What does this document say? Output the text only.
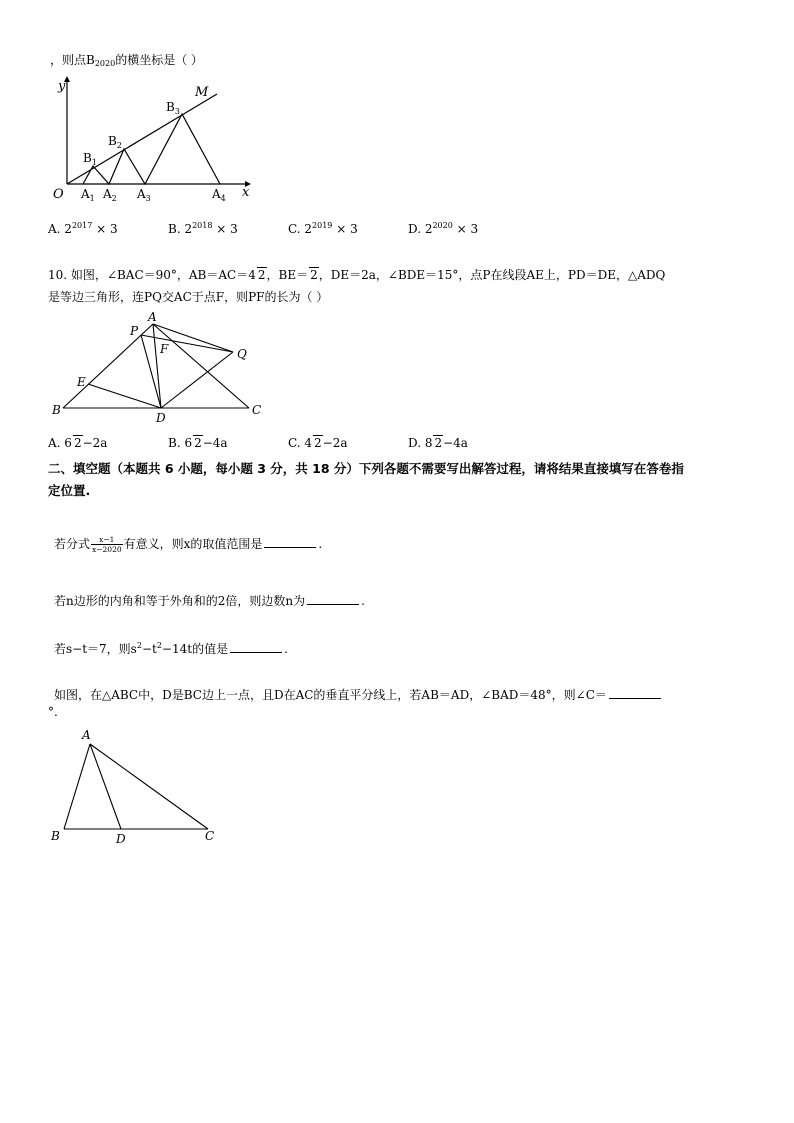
，则点$B_{2020}$的横坐标是（ ）
y
x
O
M
$B_1$
$B_2$
$B_3$
$A_1$ $A_2$ $A_3$	$A_4$
A. $2^{2017} \times 3$	B. $2^{2018} \times 3$	C. $2^{2019} \times 3$	D. $2^{2020} \times 3$
10. 如图，∠BAC＝90°，AB＝AC＝4 2，BE＝ 2，DE＝2a，∠BDE＝15°，点P在线段AE上，PD＝DE，△ADQ
是等边三角形，连PQ交AC于点F，则PF的长为（ ）
A
P
F	Q
E
B
D
C
A. 6 2−2a	B. 6 2−4a	C. 4 2−2a	D. 8 2−4a
二、填空题（本题共 6 小题，每小题 3 分，共 18 分）下列各题不需要写出解答过程，请将结果直接填写在答卷指
定位置.
若分式 $\frac{x-1}{x-2020}$ 有意义，则x的取值范围是	.
若n边形的内角和等于外角和的2倍，则边数n为	.
若s−t＝7，则$s^2-t^2-14t$的值是	.
如图，在△ABC中，D是BC边上一点，且D在AC的垂直平分线上，若AB＝AD，∠BAD＝48°，则∠C＝
°.
A
B	D	C
